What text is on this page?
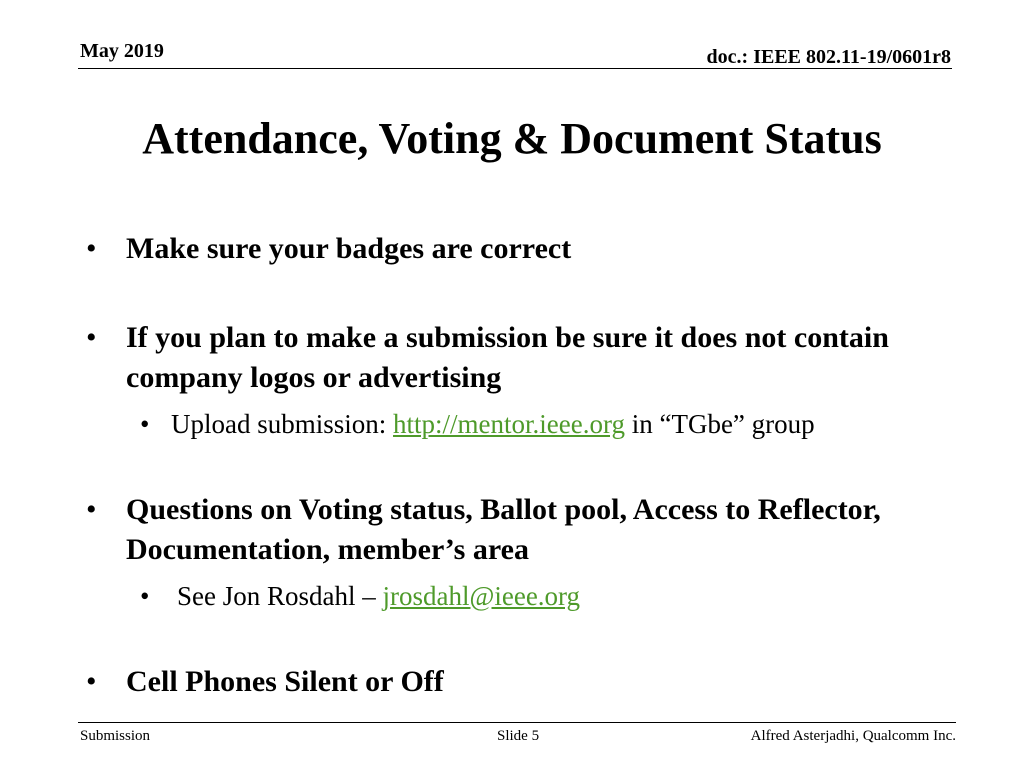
May 2019	doc.: IEEE 802.11-19/0601r8
Attendance, Voting & Document Status
• Make sure your badges are correct
• If you plan to make a submission be sure it does not contain company logos or advertising
• Upload submission: http://mentor.ieee.org in “TGbe” group
• Questions on Voting status, Ballot pool, Access to Reflector, Documentation, member’s area
• See Jon Rosdahl – jrosdahl@ieee.org
• Cell Phones Silent or Off
Submission	Slide 5	Alfred Asterjadhi, Qualcomm Inc.
